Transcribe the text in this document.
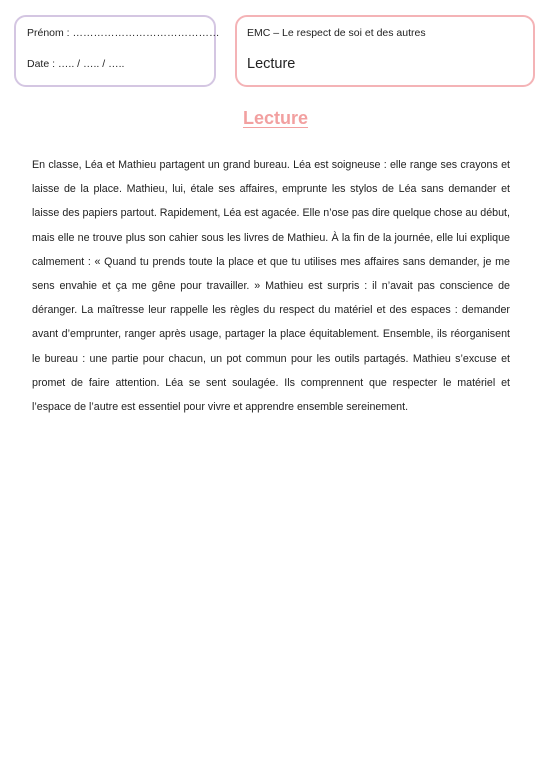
Prénom : ……………………………………
Date : ….. / ….. / …..
EMC – Le respect de soi et des autres
Lecture
Lecture
En classe, Léa et Mathieu partagent un grand bureau. Léa est soigneuse : elle range ses crayons et laisse de la place. Mathieu, lui, étale ses affaires, emprunte les stylos de Léa sans demander et laisse des papiers partout. Rapidement, Léa est agacée. Elle n’ose pas dire quelque chose au début, mais elle ne trouve plus son cahier sous les livres de Mathieu. À la fin de la journée, elle lui explique calmement : « Quand tu prends toute la place et que tu utilises mes affaires sans demander, je me sens envahie et ça me gêne pour travailler. » Mathieu est surpris : il n’avait pas conscience de déranger. La maîtresse leur rappelle les règles du respect du matériel et des espaces : demander avant d’emprunter, ranger après usage, partager la place équitablement. Ensemble, ils réorganisent le bureau : une partie pour chacun, un pot commun pour les outils partagés. Mathieu s’excuse et promet de faire attention. Léa se sent soulagée. Ils comprennent que respecter le matériel et l’espace de l’autre est essentiel pour vivre et apprendre ensemble sereinement.
